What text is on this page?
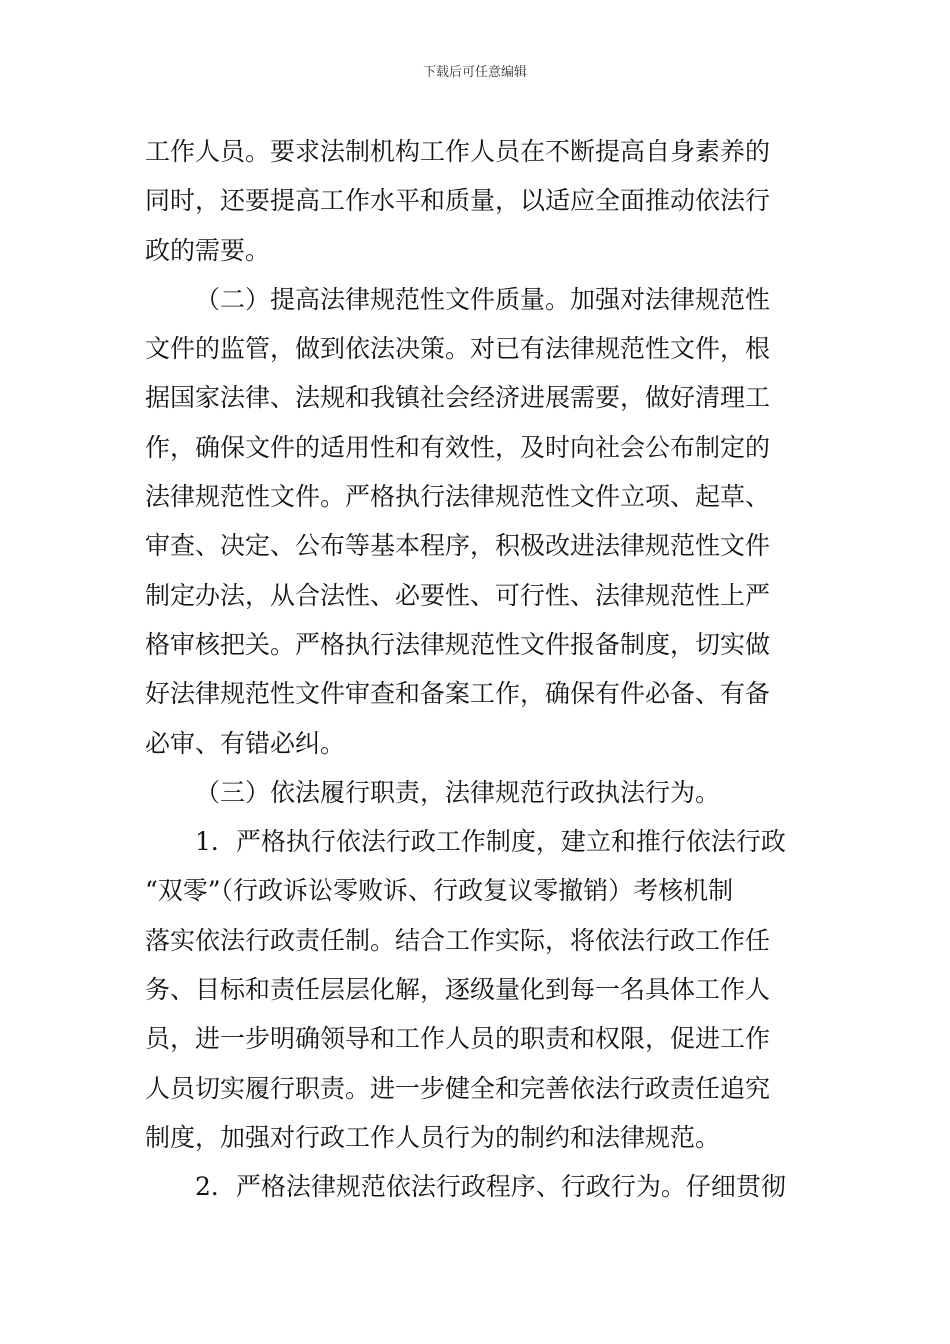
下载后可任意编辑
工作人员。要求法制机构工作人员在不断提高自身素养的
同时，还要提高工作水平和质量，以适应全面推动依法行
政的需要。
（二）提高法律规范性文件质量。加强对法律规范性
文件的监管，做到依法决策。对已有法律规范性文件，根
据国家法律、法规和我镇社会经济进展需要，做好清理工
作，确保文件的适用性和有效性，及时向社会公布制定的
法律规范性文件。严格执行法律规范性文件立项、起草、
审查、决定、公布等基本程序，积极改进法律规范性文件
制定办法，从合法性、必要性、可行性、法律规范性上严
格审核把关。严格执行法律规范性文件报备制度，切实做
好法律规范性文件审查和备案工作，确保有件必备、有备
必审、有错必纠。
（三）依法履行职责，法律规范行政执法行为。
1．严格执行依法行政工作制度，建立和推行依法行政
“双零”（行政诉讼零败诉、行政复议零撤销）考核机制
落实依法行政责任制。结合工作实际，将依法行政工作任
务、目标和责任层层化解，逐级量化到每一名具体工作人
员，进一步明确领导和工作人员的职责和权限，促进工作
人员切实履行职责。进一步健全和完善依法行政责任追究
制度，加强对行政工作人员行为的制约和法律规范。
2．严格法律规范依法行政程序、行政行为。仔细贯彻
